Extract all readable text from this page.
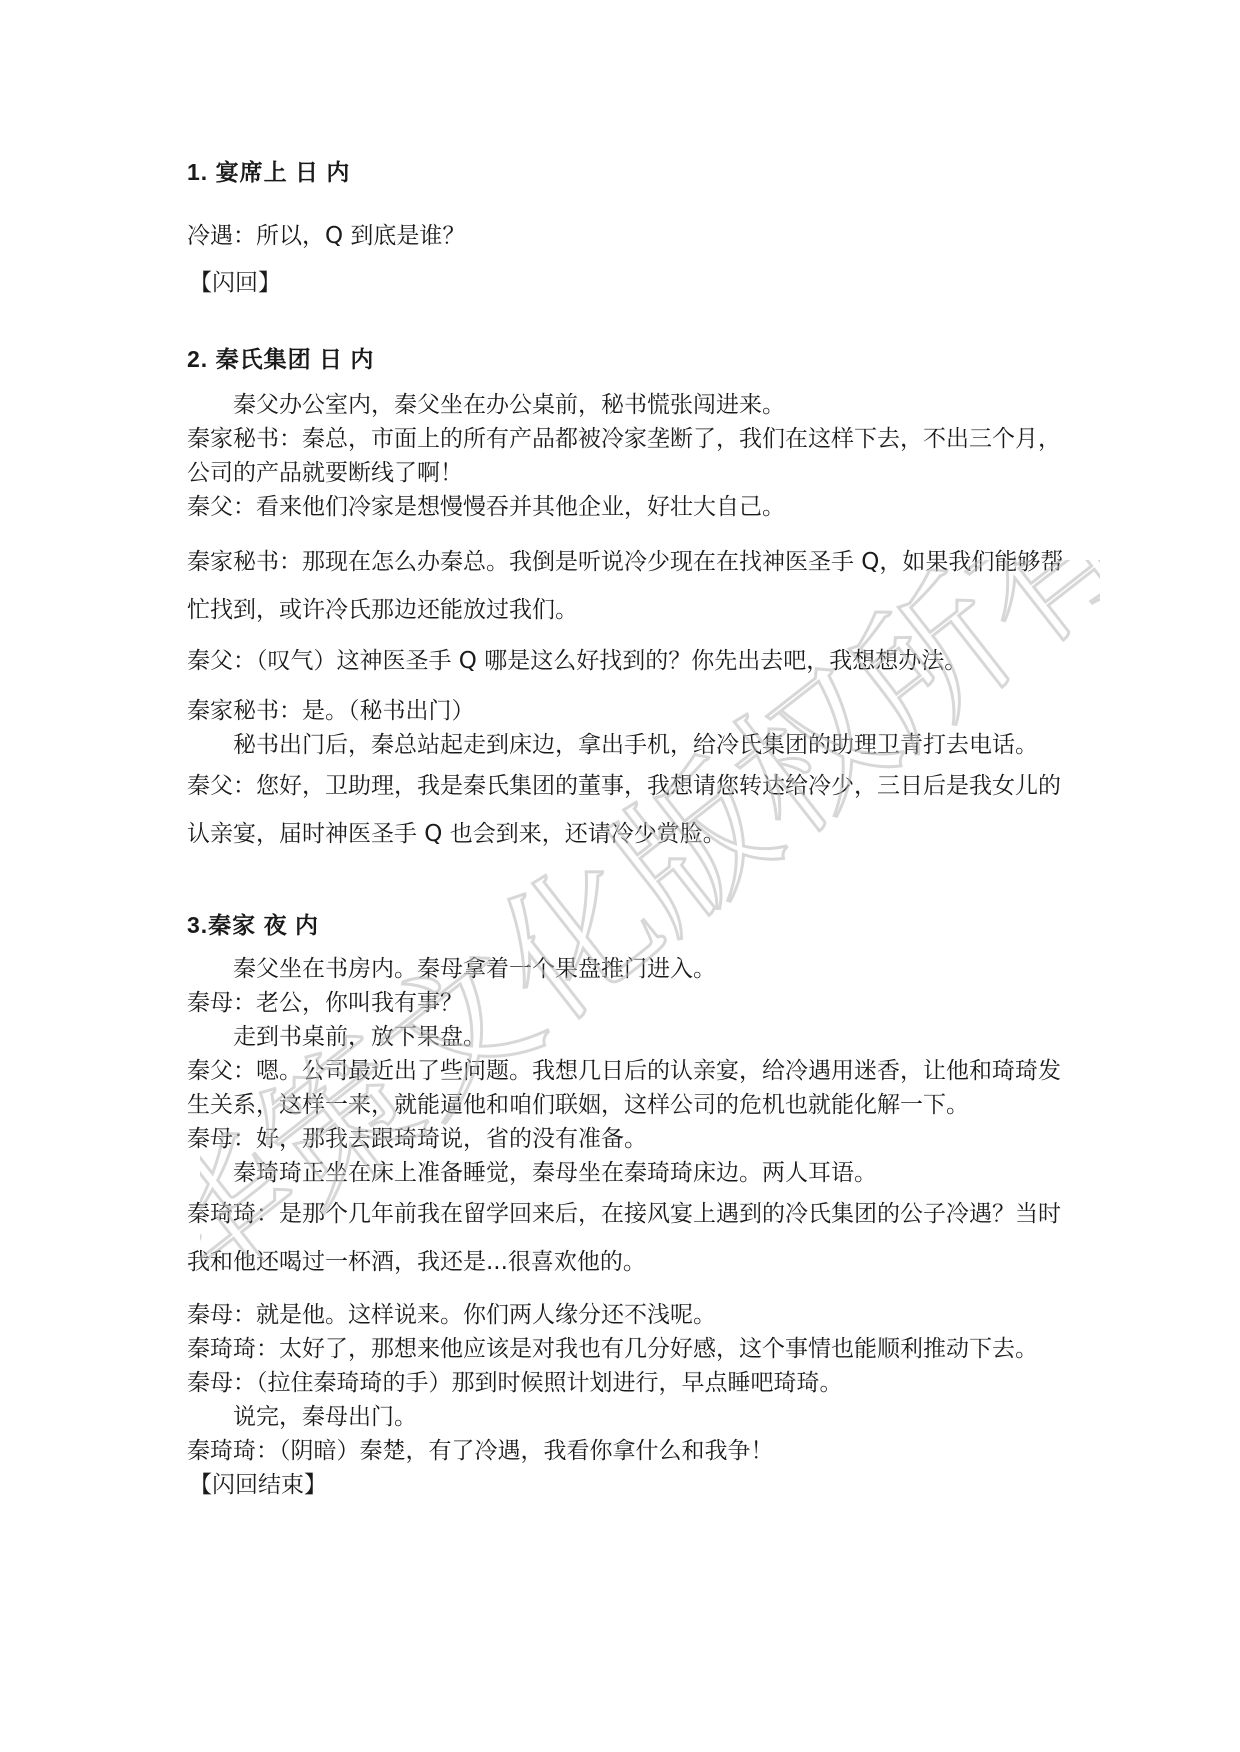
1. 宴席上 日 内
冷遇：所以，Q 到底是谁？
【闪回】
2. 秦氏集团 日 内
秦父办公室内，秦父坐在办公桌前，秘书慌张闯进来。
秦家秘书：秦总，市面上的所有产品都被冷家垄断了，我们在这样下去，不出三个月，公司的产品就要断线了啊！
秦父：看来他们冷家是想慢慢吞并其他企业，好壮大自己。
秦家秘书：那现在怎么办秦总。我倒是听说冷少现在在找神医圣手 Q，如果我们能够帮忙找到，或许冷氏那边还能放过我们。
秦父：（叹气）这神医圣手 Q 哪是这么好找到的？你先出去吧，我想想办法。
秦家秘书：是。（秘书出门）
秘书出门后，秦总站起走到床边，拿出手机，给冷氏集团的助理卫青打去电话。
秦父：您好，卫助理，我是秦氏集团的董事，我想请您转达给冷少，三日后是我女儿的认亲宴，届时神医圣手 Q 也会到来，还请冷少赏脸。
3.秦家 夜 内
秦父坐在书房内。秦母拿着一个果盘推门进入。
秦母：老公，你叫我有事？
走到书桌前，放下果盘。
秦父：嗯。公司最近出了些问题。我想几日后的认亲宴，给冷遇用迷香，让他和琦琦发生关系，这样一来，就能逼他和咱们联姻，这样公司的危机也就能化解一下。
秦母：好，那我去跟琦琦说，省的没有准备。
秦琦琦正坐在床上准备睡觉，秦母坐在秦琦琦床边。两人耳语。
秦琦琦：是那个几年前我在留学回来后，在接风宴上遇到的冷氏集团的公子冷遇？当时我和他还喝过一杯酒，我还是...很喜欢他的。
秦母：就是他。这样说来。你们两人缘分还不浅呢。
秦琦琦：太好了，那想来他应该是对我也有几分好感，这个事情也能顺利推动下去。
秦母：（拉住秦琦琦的手）那到时候照计划进行，早点睡吧琦琦。
说完，秦母出门。
秦琦琦：（阴暗）秦楚，有了冷遇，我看你拿什么和我争！
【闪回结束】
华策文化版权所有
